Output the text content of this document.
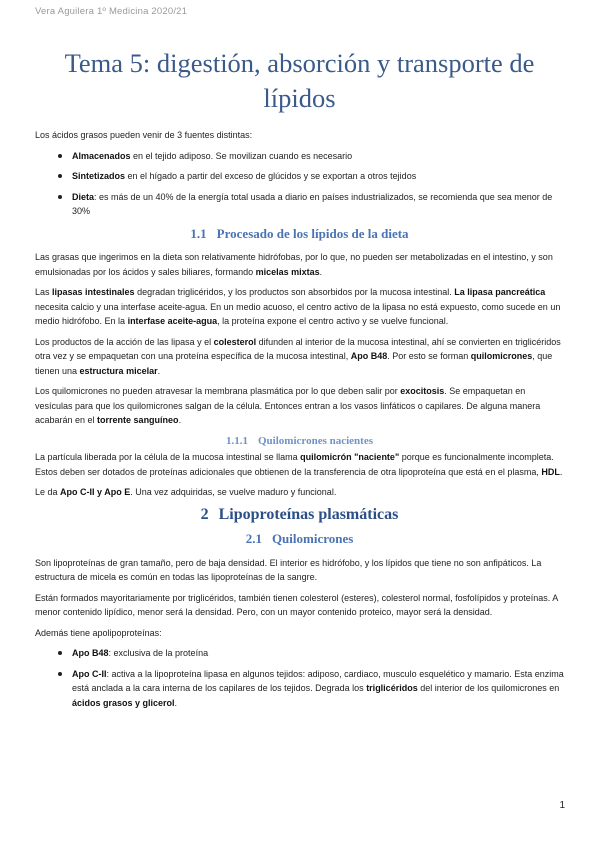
Vera Aguilera 1º Medicina 2020/21
Tema 5: digestión, absorción y transporte de lípidos

Los ácidos grasos pueden venir de 3 fuentes distintas:

Almacenados en el tejido adiposo. Se movilizan cuando es necesario
Sintetizados en el hígado a partir del exceso de glúcidos y se exportan a otros tejidos
Dieta: es más de un 40% de la energía total usada a diario en países industrializados, se recomienda que sea menor de 30%
1.1 Procesado de los lípidos de la dieta

Las grasas que ingerimos en la dieta son relativamente hidrófobas, por lo que, no pueden ser metabolizadas en el intestino, y son emulsionadas por los ácidos y sales biliares, formando micelas mixtas.

Las lipasas intestinales degradan triglicéridos, y los productos son absorbidos por la mucosa intestinal. La lipasa pancreática necesita calcio y una interfase aceite-agua. En un medio acuoso, el centro activo de la lipasa no está expuesto, como sucede en un medio hidrófobo. En la interfase aceite-agua, la proteína expone el centro activo y se vuelve funcional.

Los productos de la acción de las lipasa y el colesterol difunden al interior de la mucosa intestinal, ahí se convierten en triglicéridos otra vez y se empaquetan con una proteína específica de la mucosa intestinal, Apo B48. Por esto se forman quilomicrones, que tienen una estructura micelar.

Los quilomicrones no pueden atravesar la membrana plasmática por lo que deben salir por exocitosis. Se empaquetan en vesículas para que los quilomicrones salgan de la célula. Entonces entran a los vasos linfáticos o capilares. De alguna manera acabarán en el torrente sanguíneo.

1.1.1 Quilomicrones nacientes

La partícula liberada por la célula de la mucosa intestinal se llama quilomicrón "naciente" porque es funcionalmente incompleta. Estos deben ser dotados de proteínas adicionales que obtienen de la transferencia de otra lipoproteína que está en el plasma, HDL.

Le da Apo C-II y Apo E. Una vez adquiridas, se vuelve maduro y funcional.

2 Lipoproteínas plasmáticas
2.1 Quilomicrones

Son lipoproteínas de gran tamaño, pero de baja densidad. El interior es hidrófobo, y los lípidos que tiene no son anfipáticos. La estructura de micela es común en todas las lipoproteínas de la sangre.

Están formados mayoritariamente por triglicéridos, también tienen colesterol (esteres), colesterol normal, fosfolípidos y proteínas. A menor contenido lipídico, menor será la densidad. Pero, con un mayor contenido proteico, mayor será la densidad.

Además tiene apolipoproteínas:

Apo B48: exclusiva de la proteína
Apo C-II: activa a la lipoproteína lipasa en algunos tejidos: adiposo, cardiaco, musculo esquelético y mamario. Esta enzima está anclada a la cara interna de los capilares de los tejidos. Degrada los triglicéridos del interior de los quilomicrones en ácidos grasos y glicerol.
1
